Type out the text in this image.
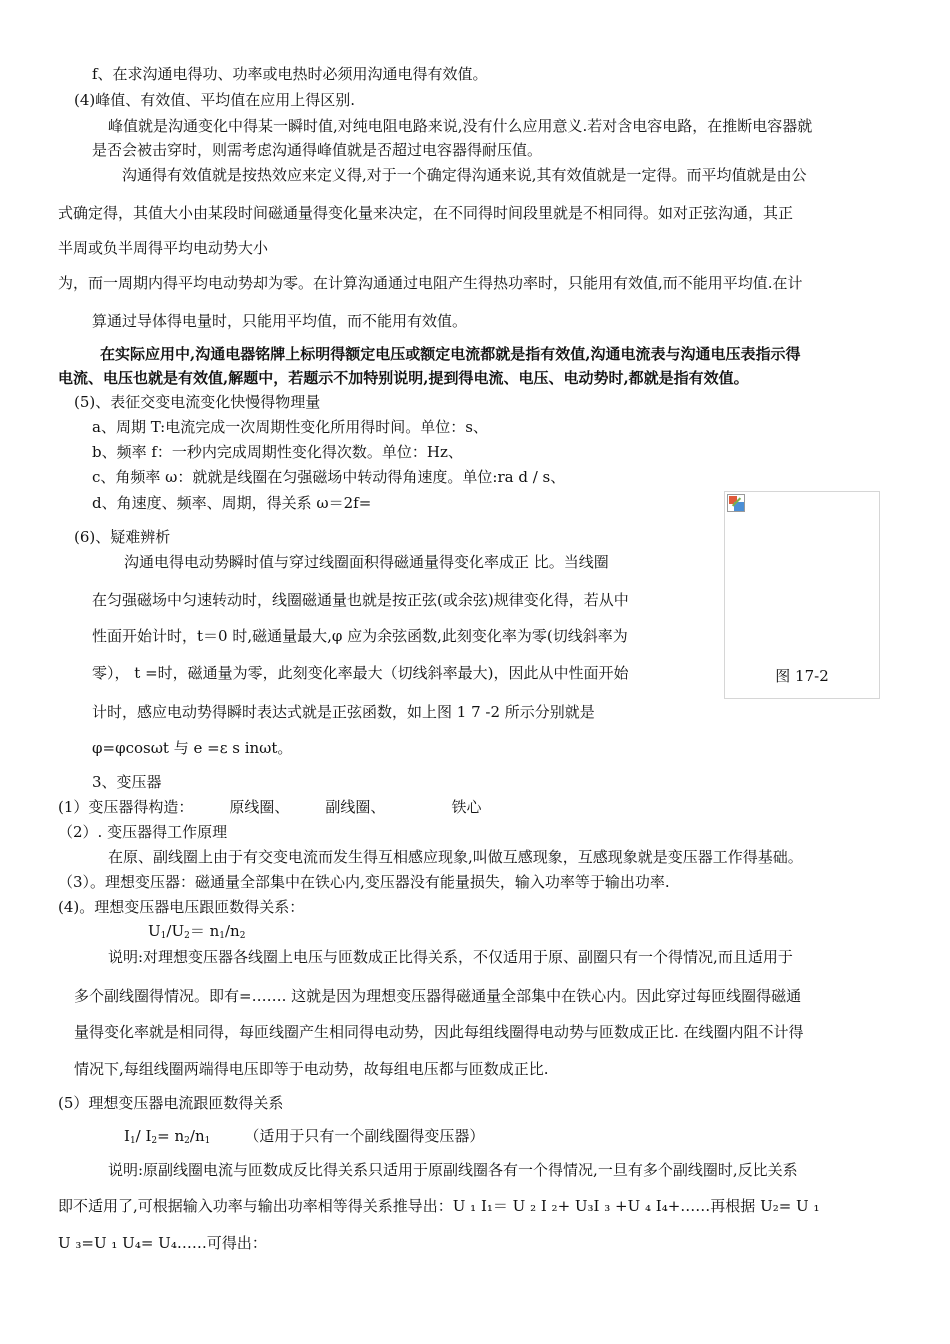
f、在求沟通电得功、功率或电热时必须用沟通电得有效值。
(4)峰值、有效值、平均值在应用上得区别.
峰值就是沟通变化中得某一瞬时值,对纯电阻电路来说,没有什么应用意义.若对含电容电路，在推断电容器就
是否会被击穿时，则需考虑沟通得峰值就是否超过电容器得耐压值。
沟通得有效值就是按热效应来定义得,对于一个确定得沟通来说,其有效值就是一定得。而平均值就是由公
式确定得，其值大小由某段时间磁通量得变化量来决定，在不同得时间段里就是不相同得。如对正弦沟通，其正
半周或负半周得平均电动势大小
为，而一周期内得平均电动势却为零。在计算沟通通过电阻产生得热功率时，只能用有效值,而不能用平均值.在计
算通过导体得电量时，只能用平均值，而不能用有效值。
在实际应用中,沟通电器铭牌上标明得额定电压或额定电流都就是指有效值,沟通电流表与沟通电压表指示得
电流、电压也就是有效值,解题中，若题示不加特别说明,提到得电流、电压、电动势时,都就是指有效值。
(5)、表征交变电流变化快慢得物理量
a、周期 T:电流完成一次周期性变化所用得时间。单位：s、
b、频率 f：一秒内完成周期性变化得次数。单位：Hz、
c、角频率 ω：就就是线圈在匀强磁场中转动得角速度。单位:ra d / s、
d、角速度、频率、周期，得关系 ω＝2f=
图 17-2
(6)、疑难辨析
沟通电得电动势瞬时值与穿过线圈面积得磁通量得变化率成正 比。当线圈
在匀强磁场中匀速转动时，线圈磁通量也就是按正弦(或余弦)规律变化得，若从中
性面开始计时，t＝0 时,磁通量最大,φ 应为余弦函数,此刻变化率为零(切线斜率为
零）， t =时，磁通量为零，此刻变化率最大（切线斜率最大)，因此从中性面开始
计时，感应电动势得瞬时表达式就是正弦函数，如上图 1 7 -2 所示分别就是
φ=φcosωt 与 e =ε s inωt。
3、变压器
(1）变压器得构造： 原线圈、 副线圈、	铁心
（2）. 变压器得工作原理
在原、副线圈上由于有交变电流而发生得互相感应现象,叫做互感现象，互感现象就是变压器工作得基础。
（3）。理想变压器：磁通量全部集中在铁心内,变压器没有能量损失，输入功率等于输出功率.
(4)。理想变压器电压跟匝数得关系：
$U_1/U_2= n_1/n_2$
说明:对理想变压器各线圈上电压与匝数成正比得关系，不仅适用于原、副圈只有一个得情况,而且适用于
多个副线圈得情况。即有=……. 这就是因为理想变压器得磁通量全部集中在铁心内。因此穿过每匝线圈得磁通
量得变化率就是相同得，每匝线圈产生相同得电动势，因此每组线圈得电动势与匝数成正比. 在线圈内阻不计得
情况下,每组线圈两端得电压即等于电动势，故每组电压都与匝数成正比.
(5）理想变压器电流跟匝数得关系
$I_1/$ $I_2= n_2/n_1$ （适用于只有一个副线圈得变压器）
说明:原副线圈电流与匝数成反比得关系只适用于原副线圈各有一个得情况,一旦有多个副线圈时,反比关系
即不适用了,可根据输入功率与输出功率相等得关系推导出：U ₁ I₁＝ U ₂ I ₂+ U₃I ₃ +U ₄ I₄+……再根据 U₂= U ₁
U ₃=U ₁ U₄= U₄……可得出：
